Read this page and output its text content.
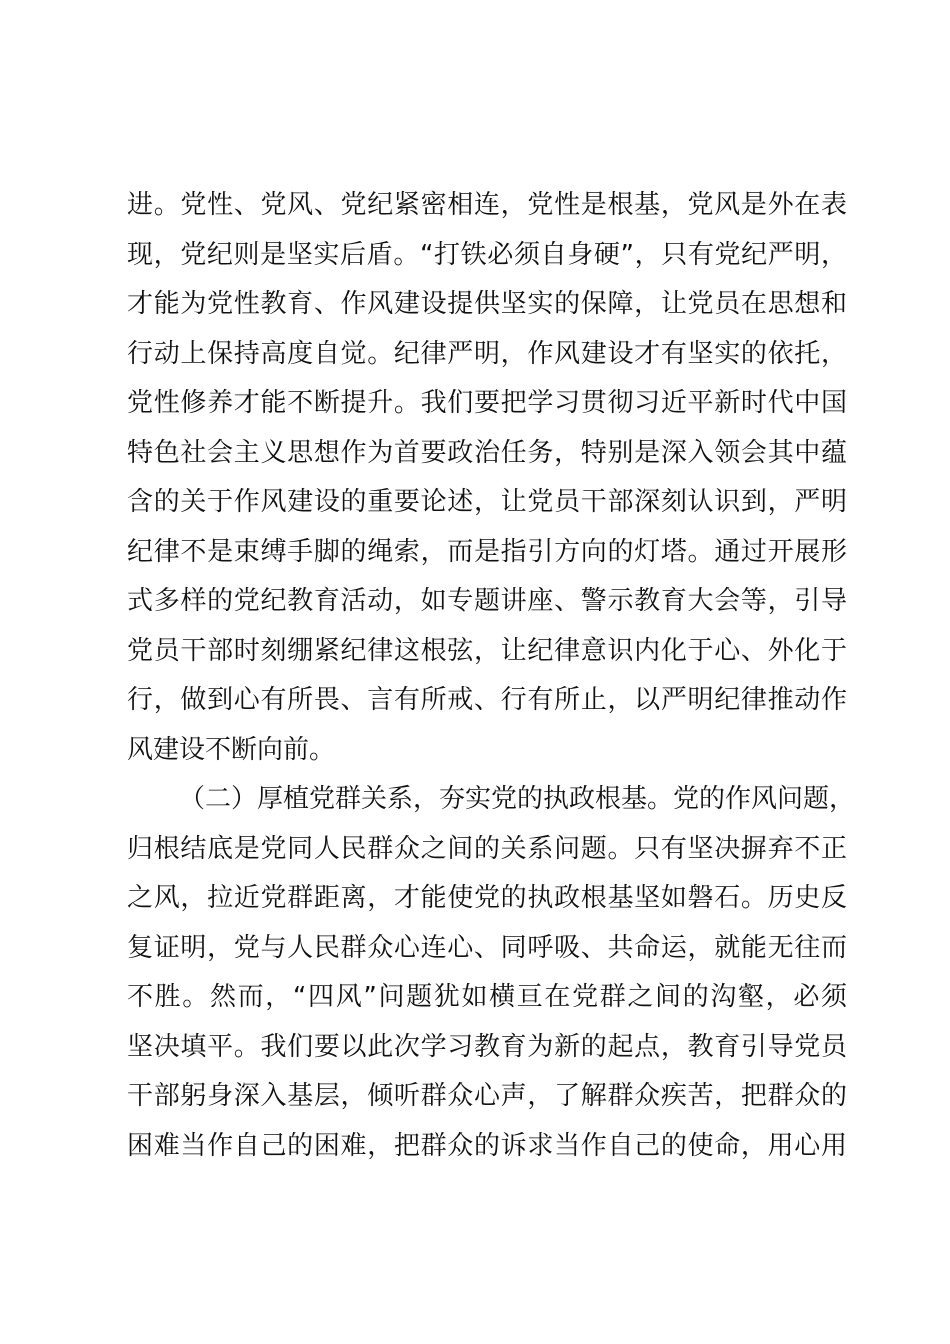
进。党性、党风、党纪紧密相连，党性是根基，党风是外在表
现，党纪则是坚实后盾。“打铁必须自身硬”，只有党纪严明，
才能为党性教育、作风建设提供坚实的保障，让党员在思想和
行动上保持高度自觉。纪律严明，作风建设才有坚实的依托，
党性修养才能不断提升。我们要把学习贯彻习近平新时代中国
特色社会主义思想作为首要政治任务，特别是深入领会其中蕴
含的关于作风建设的重要论述，让党员干部深刻认识到，严明
纪律不是束缚手脚的绳索，而是指引方向的灯塔。通过开展形
式多样的党纪教育活动，如专题讲座、警示教育大会等，引导
党员干部时刻绷紧纪律这根弦，让纪律意识内化于心、外化于
行，做到心有所畏、言有所戒、行有所止，以严明纪律推动作
风建设不断向前。
（二）厚植党群关系，夯实党的执政根基。党的作风问题，
归根结底是党同人民群众之间的关系问题。只有坚决摒弃不正
之风，拉近党群距离，才能使党的执政根基坚如磐石。历史反
复证明，党与人民群众心连心、同呼吸、共命运，就能无往而
不胜。然而，“四风”问题犹如横亘在党群之间的沟壑，必须
坚决填平。我们要以此次学习教育为新的起点，教育引导党员
干部躬身深入基层，倾听群众心声，了解群众疾苦，把群众的
困难当作自己的困难，把群众的诉求当作自己的使命，用心用
